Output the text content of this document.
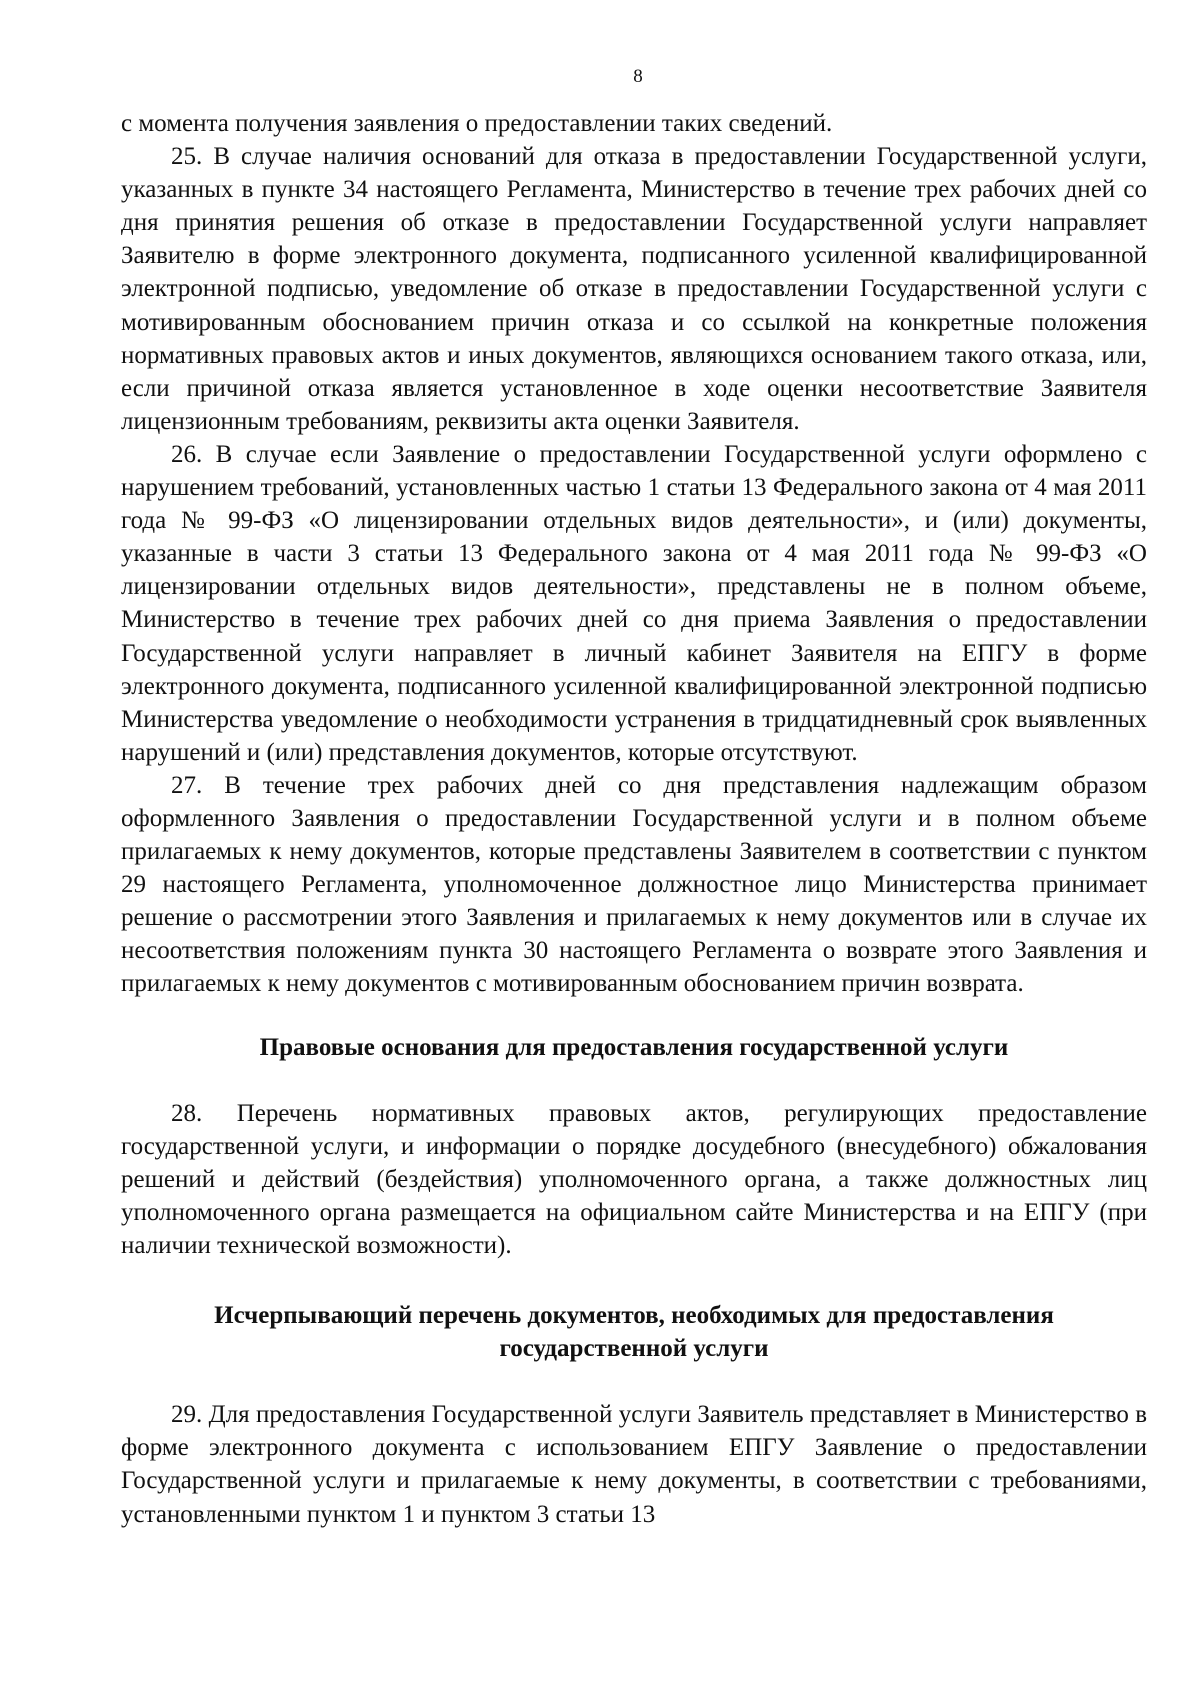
8

с момента получения заявления о предоставлении таких сведений.

25. В случае наличия оснований для отказа в предоставлении Государственной услуги, указанных в пункте 34 настоящего Регламента, Министерство в течение трех рабочих дней со дня принятия решения об отказе в предоставлении Государственной услуги направляет Заявителю в форме электронного документа, подписанного усиленной квалифицированной электронной подписью, уведомление об отказе в предоставлении Государственной услуги с мотивированным обоснованием причин отказа и со ссылкой на конкретные положения нормативных правовых актов и иных документов, являющихся основанием такого отказа, или, если причиной отказа является установленное в ходе оценки несоответствие Заявителя лицензионным требованиям, реквизиты акта оценки Заявителя.

26. В случае если Заявление о предоставлении Государственной услуги оформлено с нарушением требований, установленных частью 1 статьи 13 Федерального закона от 4 мая 2011 года № 99-ФЗ «О лицензировании отдельных видов деятельности», и (или) документы, указанные в части 3 статьи 13 Федерального закона от 4 мая 2011 года № 99-ФЗ «О лицензировании отдельных видов деятельности», представлены не в полном объеме, Министерство в течение трех рабочих дней со дня приема Заявления о предоставлении Государственной услуги направляет в личный кабинет Заявителя на ЕПГУ в форме электронного документа, подписанного усиленной квалифицированной электронной подписью Министерства уведомление о необходимости устранения в тридцатидневный срок выявленных нарушений и (или) представления документов, которые отсутствуют.

27. В течение трех рабочих дней со дня представления надлежащим образом оформленного Заявления о предоставлении Государственной услуги и в полном объеме прилагаемых к нему документов, которые представлены Заявителем в соответствии с пунктом 29 настоящего Регламента, уполномоченное должностное лицо Министерства принимает решение о рассмотрении этого Заявления и прилагаемых к нему документов или в случае их несоответствия положениям пункта 30 настоящего Регламента о возврате этого Заявления и прилагаемых к нему документов с мотивированным обоснованием причин возврата.

Правовые основания для предоставления государственной услуги

28. Перечень нормативных правовых актов, регулирующих предоставление государственной услуги, и информации о порядке досудебного (внесудебного) обжалования решений и действий (бездействия) уполномоченного органа, а также должностных лиц уполномоченного органа размещается на официальном сайте Министерства и на ЕПГУ (при наличии технической возможности).

Исчерпывающий перечень документов, необходимых для предоставления государственной услуги

29. Для предоставления Государственной услуги Заявитель представляет в Министерство в форме электронного документа с использованием ЕПГУ Заявление о предоставлении Государственной услуги и прилагаемые к нему документы, в соответствии с требованиями, установленными пунктом 1 и пунктом 3 статьи 13
